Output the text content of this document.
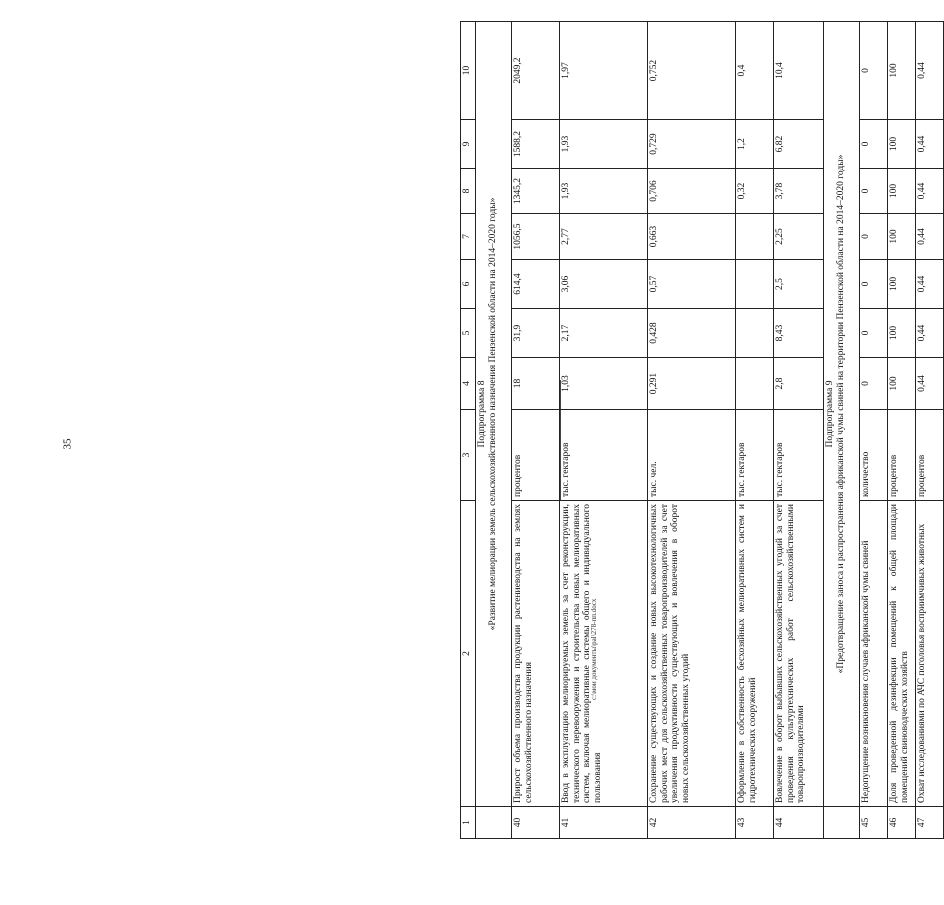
35
c:\мои документы\pal\278-пп.docx
1	2	3	4	5	6	7	8	9	10

	Подпрограмма 8 «Развитие мелиорации земель сельскохозяйственного назначения Пензенской области на 2014–2020 годы»								

40	Прирост объема производства продукции растениеводства на землях сельскохозяйственного назначения	процентов	18	31,9	614,4	1056,5	1345,2	1588,2	2049,2
41	Ввод в эксплуатацию мелиорируемых земель за счет реконструкции, технического перевооружения и строительства новых мелиоративных систем, включая мелиоративные системы общего и индивидуального пользования	тыс. гектаров	1,03	2,17	3,06	2,77	1,93	1,93	1,97
42	Сохранение существующих и создание новых высокотехнологичных рабочих мест для сельскохозяйственных товаропроизводителей за счет увеличения продуктивности существующих и вовлечения в оборот новых сельскохозяйственных угодий	тыс. чел.	0,291	0,428	0,57	0,663	0,706	0,729	0,752
43	Оформление в собственность бесхозяйных мелиоративных систем и гидротехнических сооружений	тыс. гектаров					0,32	1,2	0,4
44	Вовлечение в оборот выбывших сельскохозяйственных угодий за счет проведения культуртехнических работ сельскохозяйственными товаропроизводителями	тыс. гектаров	2,8	8,43	2,5	2,25	3,78	6,82	10,4

	Подпрограмма 9 «Предотвращение заноса и распространения африканской чумы свиней на территории Пензенской области на 2014–2020 годы»								

45	Недопущение возникновения случаев африканской чумы свиней	количество	0	0	0	0	0	0	0
46	Доля проведенной дезинфекции помещений к общей площади помещений свиноводческих хозяйств	процентов	100	100	100	100	100	100	100
47	Охват исследованиями по АЧС поголовья восприимчивых животных	процентов	0,44	0,44	0,44	0,44	0,44	0,44	0,44
